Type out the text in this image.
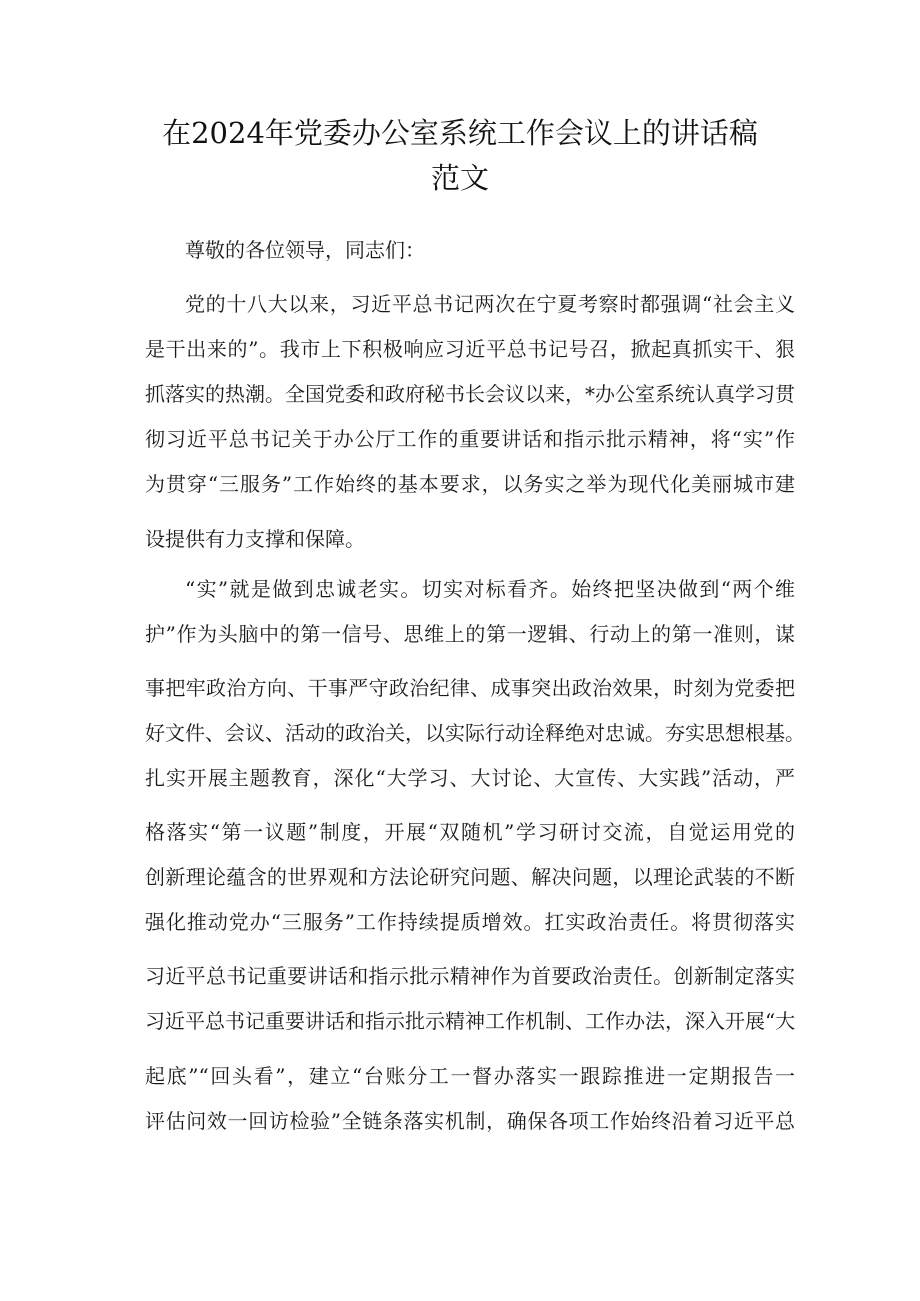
在2024年党委办公室系统工作会议上的讲话稿
范文
尊敬的各位领导，同志们：
党的十八大以来，习近平总书记两次在宁夏考察时都强调“社会主义
是干出来的”。我市上下积极响应习近平总书记号召，掀起真抓实干、狠
抓落实的热潮。全国党委和政府秘书长会议以来，*办公室系统认真学习贯
彻习近平总书记关于办公厅工作的重要讲话和指示批示精神，将“实”作
为贯穿“三服务”工作始终的基本要求，以务实之举为现代化美丽城市建
设提供有力支撑和保障。
“实”就是做到忠诚老实。切实对标看齐。始终把坚决做到“两个维
护”作为头脑中的第一信号、思维上的第一逻辑、行动上的第一准则，谋
事把牢政治方向、干事严守政治纪律、成事突出政治效果，时刻为党委把
好文件、会议、活动的政治关，以实际行动诠释绝对忠诚。夯实思想根基。
扎实开展主题教育，深化“大学习、大讨论、大宣传、大实践”活动，严
格落实“第一议题”制度，开展“双随机”学习研讨交流，自觉运用党的
创新理论蕴含的世界观和方法论研究问题、解决问题，以理论武装的不断
强化推动党办“三服务”工作持续提质增效。扛实政治责任。将贯彻落实
习近平总书记重要讲话和指示批示精神作为首要政治责任。创新制定落实
习近平总书记重要讲话和指示批示精神工作机制、工作办法，深入开展“大
起底”“回头看”，建立“台账分工一督办落实一跟踪推进一定期报告一
评估问效一回访检验”全链条落实机制，确保各项工作始终沿着习近平总
